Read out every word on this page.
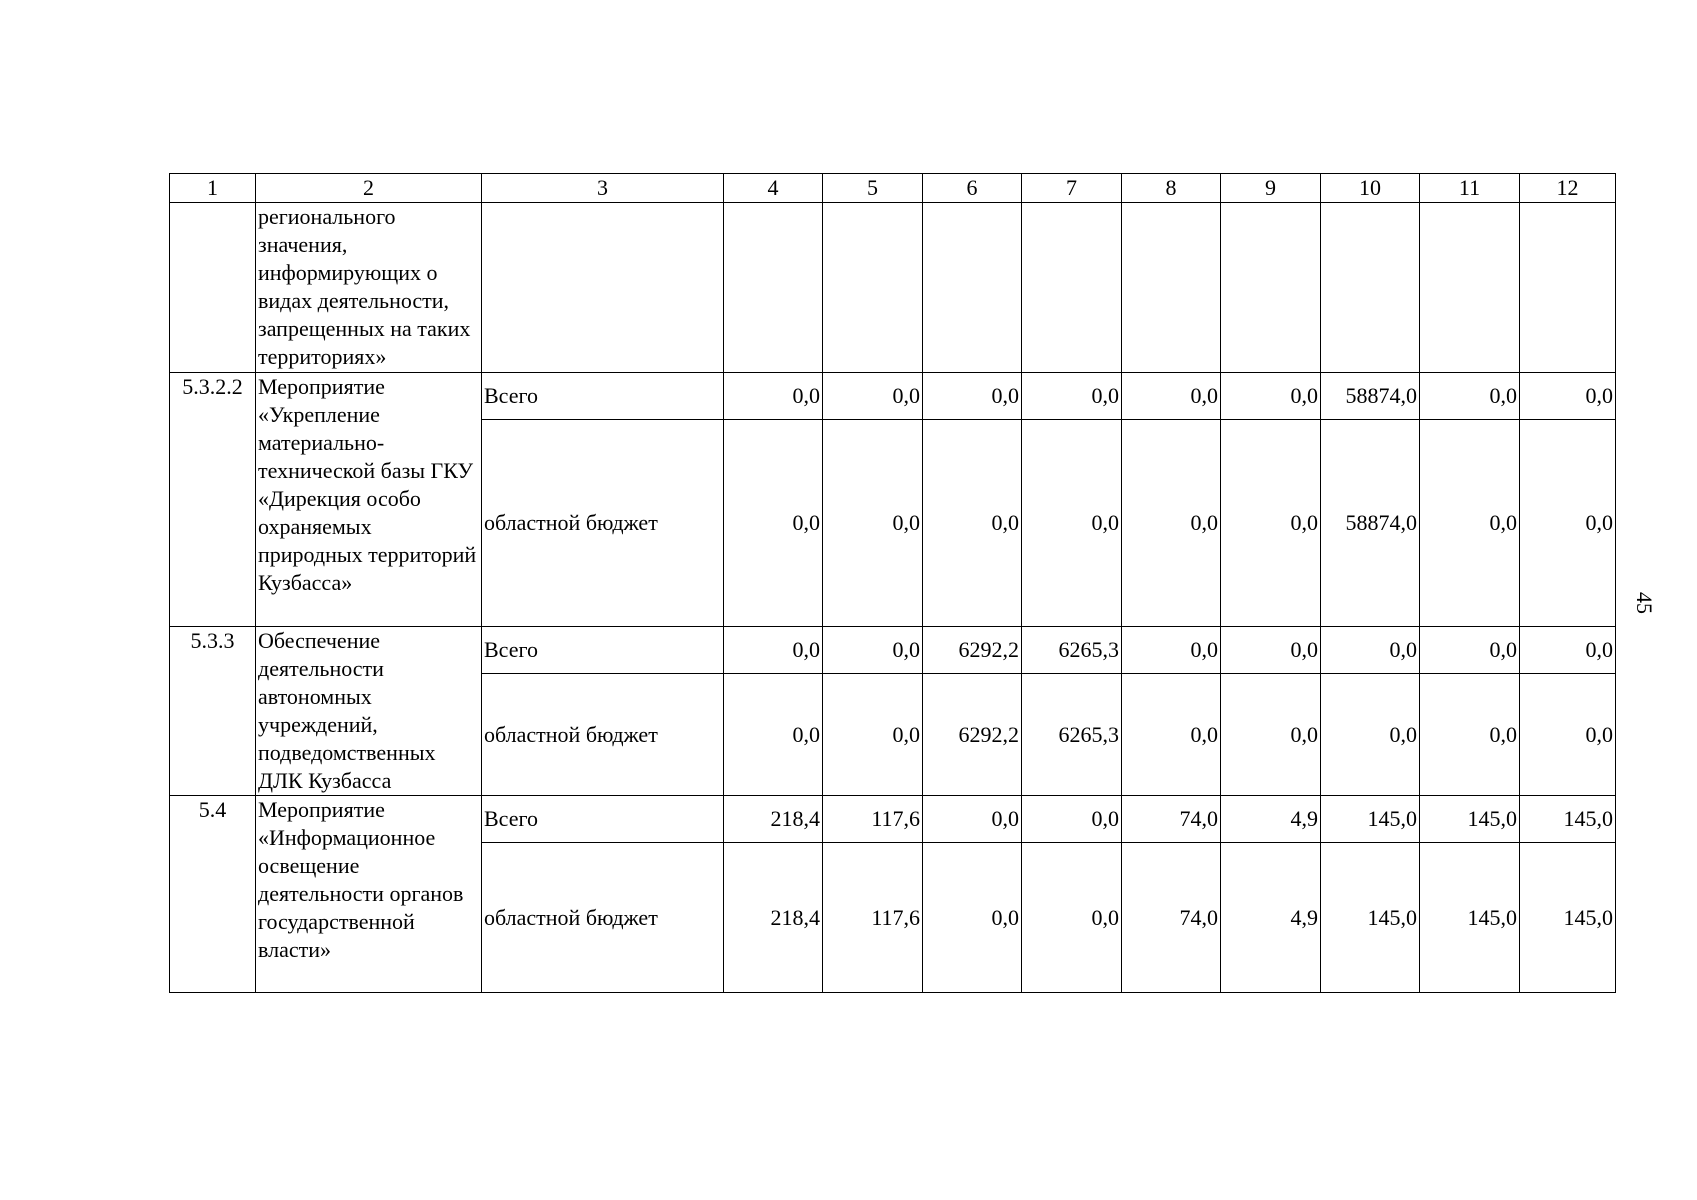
1	2	3	4	5	6	7	8	9	10	11	12
	регионального значения, информирующих о видах деятельности, запрещенных на таких территориях»										
5.3.2.2	Мероприятие «Укрепление материально-технической базы ГКУ «Дирекция особо охраняемых природных территорий Кузбасса»	Всего	0,0	0,0	0,0	0,0	0,0	0,0	58874,0	0,0	0,0
		областной бюджет	0,0	0,0	0,0	0,0	0,0	0,0	58874,0	0,0	0,0
5.3.3	Обеспечение деятельности автономных учреждений, подведомственных ДЛК Кузбасса	Всего	0,0	0,0	6292,2	6265,3	0,0	0,0	0,0	0,0	0,0
		областной бюджет	0,0	0,0	6292,2	6265,3	0,0	0,0	0,0	0,0	0,0
5.4	Мероприятие «Информационное освещение деятельности органов государственной власти»	Всего	218,4	117,6	0,0	0,0	74,0	4,9	145,0	145,0	145,0
		областной бюджет	218,4	117,6	0,0	0,0	74,0	4,9	145,0	145,0	145,0
45
